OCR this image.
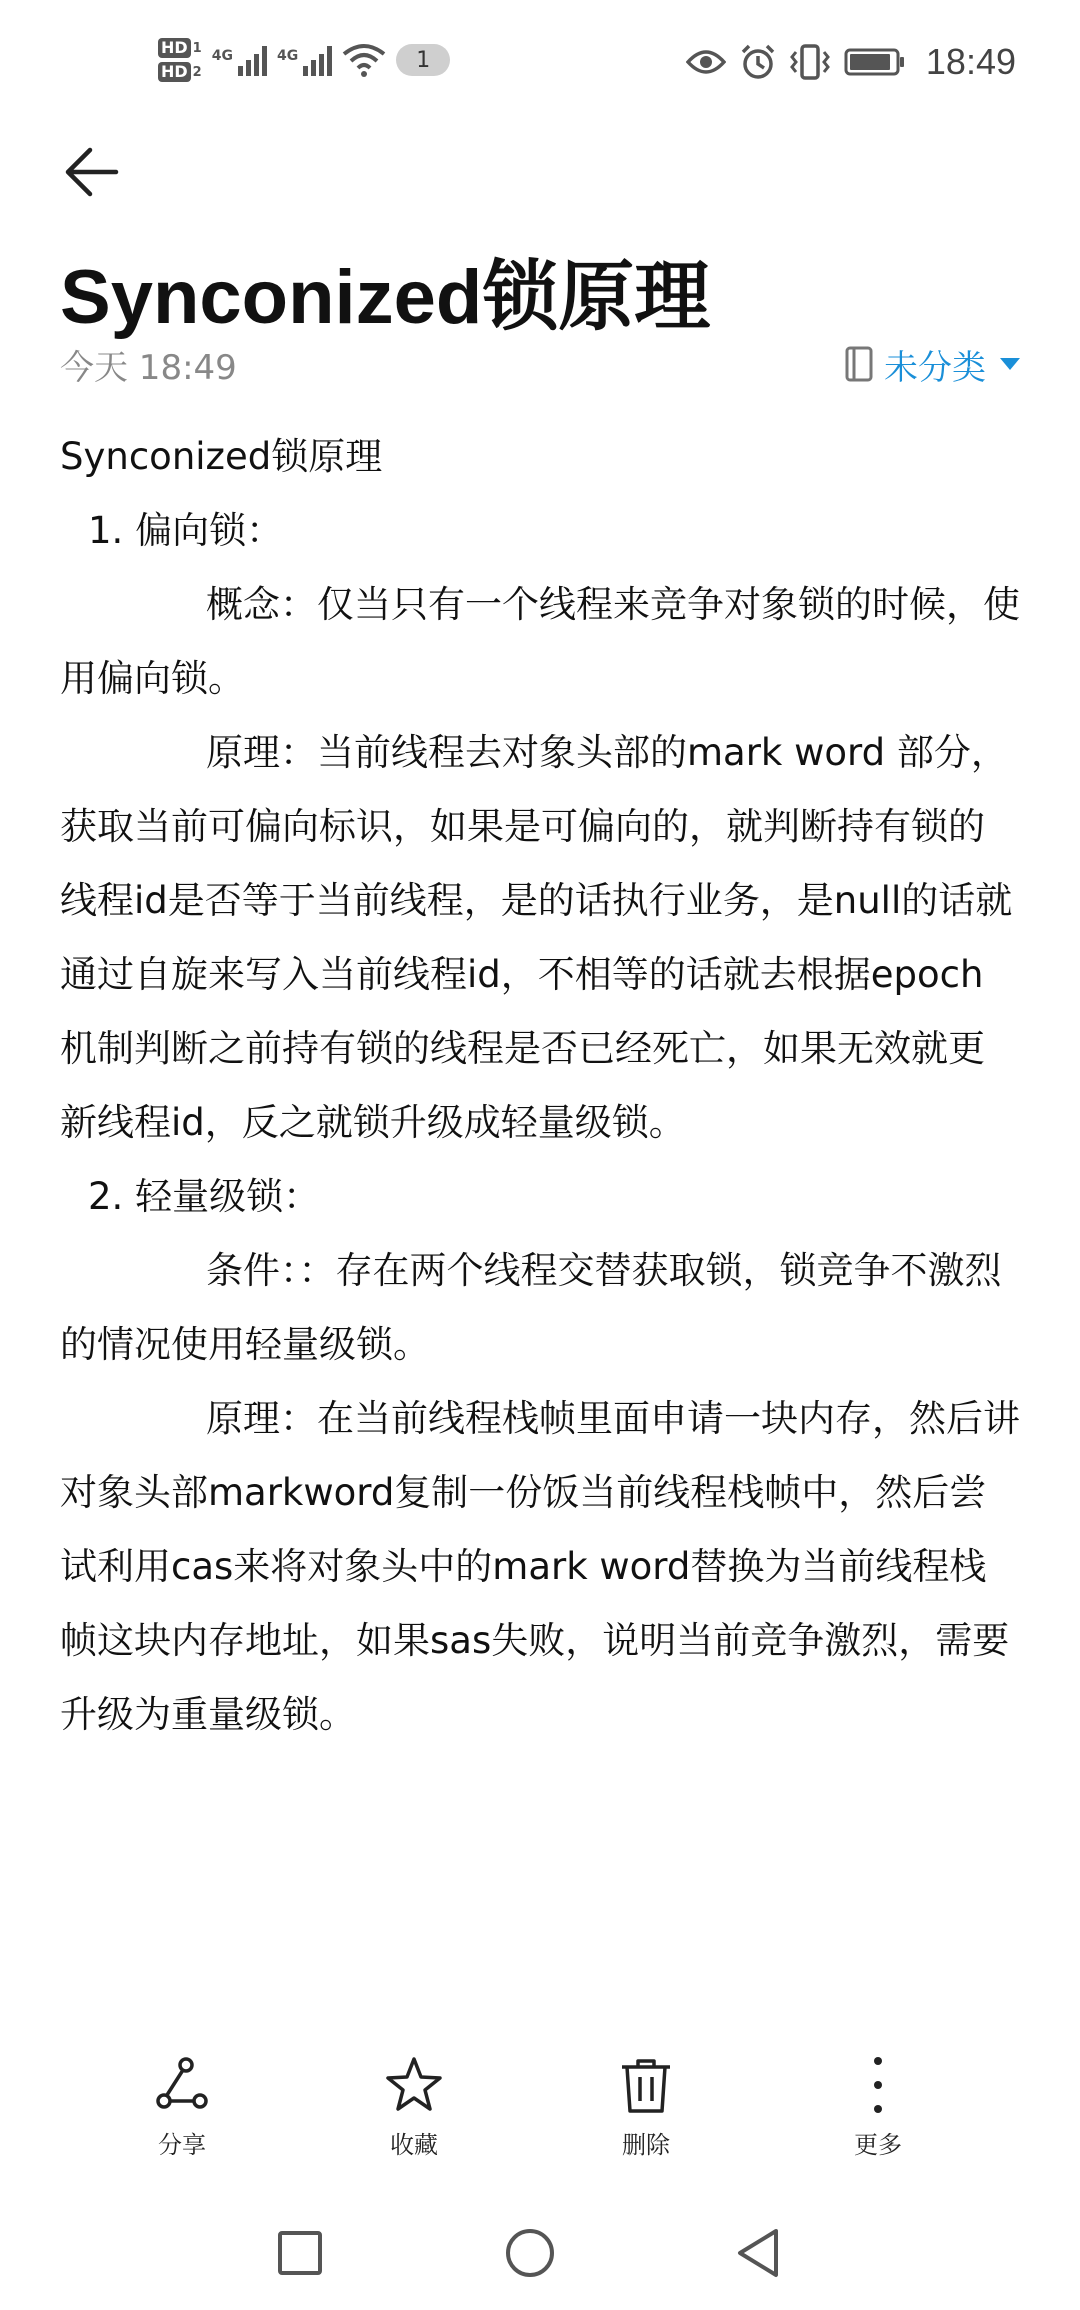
HD 1
HD 2
4G	4G	1	18:49
Synconized锁原理
今天 18:49	未分类

Synconized锁原理

1. 偏向锁：

概念：仅当只有一个线程来竞争对象锁的时候，使用偏向锁。

原理：当前线程去对象头部的mark word 部分，获取当前可偏向标识，如果是可偏向的，就判断持有锁的线程id是否等于当前线程，是的话执行业务，是null的话就通过自旋来写入当前线程id，不相等的话就去根据epoch机制判断之前持有锁的线程是否已经死亡，如果无效就更新线程id，反之就锁升级成轻量级锁。

2. 轻量级锁：

条件：：存在两个线程交替获取锁，锁竞争不激烈的情况使用轻量级锁。

原理：在当前线程栈帧里面申请一块内存，然后讲对象头部markword复制一份饭当前线程栈帧中，然后尝试利用cas来将对象头中的mark word替换为当前线程栈帧这块内存地址，如果sas失败，说明当前竞争激烈，需要升级为重量级锁。

分享	收藏	删除	更多
